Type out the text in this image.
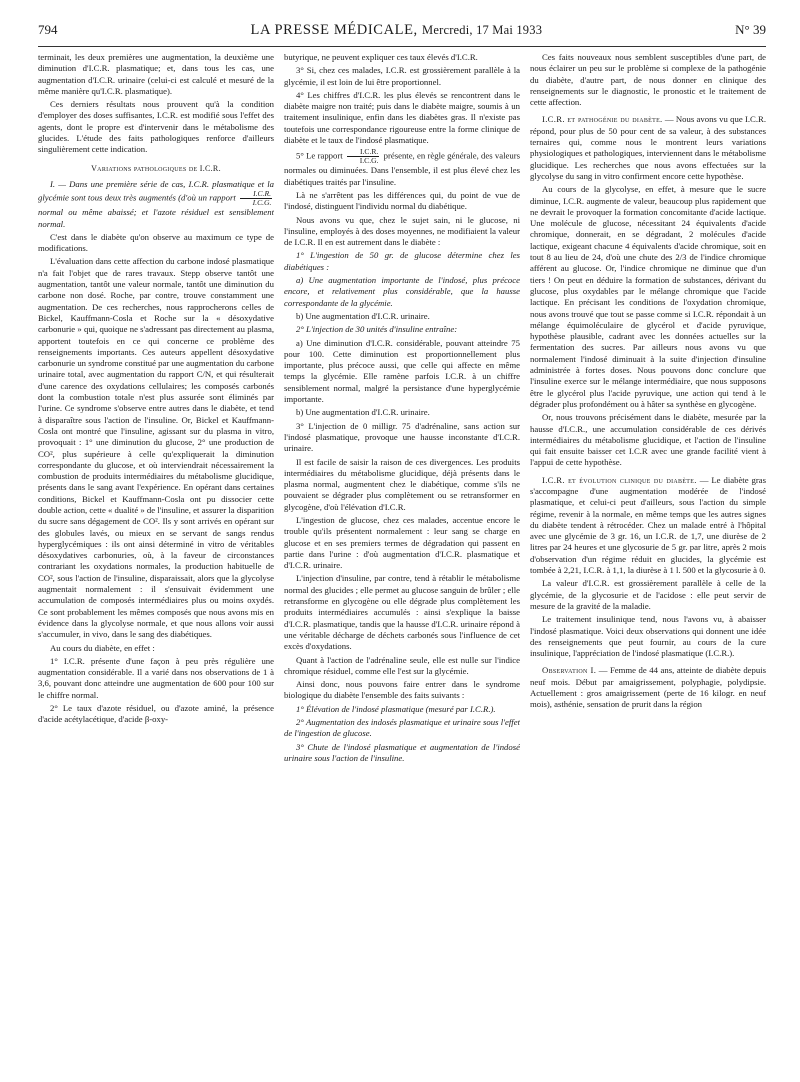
794	LA PRESSE MÉDICALE, Mercredi, 17 Mai 1933	N° 39

terminait, les deux premières une augmentation, la deuxième une diminution d'I.C.R. plasmatique; et, dans tous les cas, une augmentation d'I.C.R. urinaire (celui-ci est calculé et mesuré de la même manière qu'I.C.R. plasmatique).

Ces derniers résultats nous prouvent qu'à la condition d'employer des doses suffisantes, I.C.R. est modifié sous l'effet des agents, dont le propre est d'intervenir dans le métabolisme des glucides. L'étude des faits pathologiques renforce d'ailleurs singulièrement cette indication.

Variations pathologiques de I.C.R.

I. — Dans une première série de cas, I.C.R. plasmatique et la glycémie sont tous deux très augmentés (d'où un rapport $\frac{I.C.R.}{I.C.G.}$
normal ou même abaissé; et l'azote résiduel est sensiblement normal.

C'est dans le diabète qu'on observe au maximum ce type de modifications.

L'évaluation dans cette affection du carbone indosé plasmatique n'a fait l'objet que de rares travaux. Stepp observe tantôt une augmentation, tantôt une valeur normale, tantôt une diminution du carbone non dosé. Roche, par contre, trouve constamment une augmentation. De ces recherches, nous rapprocherons celles de Bickel, Kauffmann-Cosla et Roche sur la « désoxydative carbonurie » qui, quoique ne s'adressant pas directement au plasma, apportent toutefois en ce qui concerne ce problème des renseignements importants. Ces auteurs appellent désoxydative carbonurie un syndrome constitué par une augmentation du carbone urinaire total, avec augmentation du rapport C/N, et qui résulterait d'une carence des oxydations cellulaires; les composés carbonés dont la combustion totale n'est plus assurée sont éliminés par l'urine. Ce syndrome s'observe entre autres dans le diabète, et tend à disparaître sous l'action de l'insuline. Or, Bickel et Kauffmann-Cosla ont montré que l'insuline, agissant sur du plasma in vitro, provoquait : 1° une diminution du glucose, 2° une production de CO², plus supérieure à celle qu'expliquerait la diminution correspondante du glucose, et où interviendrait nécessairement la combustion de produits intermédiaires du métabolisme glucidique, présents dans le sang avant l'expérience. En opérant dans certaines conditions, Bickel et Kauffmann-Cosla ont pu dissocier cette double action, cette « dualité » de l'insuline, et assurer la disparition du sucre sans dégagement de CO². Ils y sont arrivés en opérant sur des globules lavés, ou mieux en se servant de sangs rendus hyperglycémiques : ils ont ainsi déterminé in vitro de véritables désoxydatives carbonuries, où, à la faveur de circonstances contrariant les oxydations normales, la production habituelle de CO², sous l'action de l'insuline, disparaissait, alors que la glycolyse augmentait normalement : il s'ensuivait évidemment une accumulation de composés intermédiaires plus ou moins oxydés. Ce sont probablement les mêmes composés que nous avons mis en évidence dans la glycolyse normale, et que nous allons voir aussi s'accumuler, in vivo, dans le sang des diabétiques.

Au cours du diabète, en effet :

1° I.C.R. présente d'une façon à peu près régulière une augmentation considérable. Il a varié dans nos observations de 1 à 3,6, pouvant donc atteindre une augmentation de 600 pour 100 sur le chiffre normal.

2° Le taux d'azote résiduel, ou d'azote aminé, la présence d'acide acétylacétique, d'acide β-oxy-

butyrique, ne peuvent expliquer ces taux élevés d'I.C.R.

3° Si, chez ces malades, I.C.R. est grossièrement parallèle à la glycémie, il est loin de lui être proportionnel.

4° Les chiffres d'I.C.R. les plus élevés se rencontrent dans le diabète maigre non traité; puis dans le diabète maigre, soumis à un traitement insulinique, enfin dans les diabètes gras. Il n'existe pas toutefois une correspondance rigoureuse entre la forme clinique de diabète et le taux de l'indosé plasmatique.

5° Le rapport $\frac{I.C.R.}{I.C.G.}$ présente, en règle générale, des valeurs normales ou diminuées. Dans l'ensemble, il est plus élevé chez les diabétiques traités par l'insuline.

Là ne s'arrêtent pas les différences qui, du point de vue de l'indosé, distinguent l'individu normal du diabétique.

Nous avons vu que, chez le sujet sain, ni le glucose, ni l'insuline, employés à des doses moyennes, ne modifiaient la valeur de I.C.R. Il en est autrement dans le diabète :

1° L'ingestion de 50 gr. de glucose détermine chez les diabétiques :

a) Une augmentation importante de l'indosé, plus précoce encore, et relativement plus considérable, que la hausse correspondante de la glycémie.

b) Une augmentation d'I.C.R. urinaire.

2° L'injection de 30 unités d'insuline entraîne:

a) Une diminution d'I.C.R. considérable, pouvant atteindre 75 pour 100. Cette diminution est proportionnellement plus importante, plus précoce aussi, que celle qui affecte en même temps la glycémie. Elle ramène parfois I.C.R. à un chiffre sensiblement normal, malgré la persistance d'une hyperglycémie importante.

b) Une augmentation d'I.C.R. urinaire.

3° L'injection de 0 milligr. 75 d'adrénaline, sans action sur l'indosé plasmatique, provoque une hausse inconstante d'I.C.R. urinaire.

Il est facile de saisir la raison de ces divergences. Les produits intermédiaires du métabolisme glucidique, déjà présents dans le plasma normal, augmentent chez le diabétique, comme s'ils ne pouvaient se dégrader plus complètement ou se retransformer en glycogène, d'où l'élévation d'I.C.R.

L'ingestion de glucose, chez ces malades, accentue encore le trouble qu'ils présentent normalement : leur sang se charge en glucose et en ses premiers termes de dégradation qui passent en partie dans l'urine : d'où augmentation d'I.C.R. plasmatique et d'I.C.R. urinaire.

L'injection d'insuline, par contre, tend à rétablir le métabolisme normal des glucides ; elle permet au glucose sanguin de brûler ; elle retransforme en glycogène ou elle dégrade plus complètement les produits intermédiaires accumulés : ainsi s'explique la baisse d'I.C.R. plasmatique, tandis que la hausse d'I.C.R. urinaire répond à une véritable décharge de déchets carbonés sous l'influence de cet excès d'oxydations.

Quant à l'action de l'adrénaline seule, elle est nulle sur l'indice chromique résiduel, comme elle l'est sur la glycémie.

Ainsi donc, nous pouvons faire entrer dans le syndrome biologique du diabète l'ensemble des faits suivants :

1° Élévation de l'indosé plasmatique (mesuré par I.C.R.).

2° Augmentation des indosés plasmatique et urinaire sous l'effet de l'ingestion de glucose.

3° Chute de l'indosé plasmatique et augmentation de l'indosé urinaire sous l'action de l'insuline.

Ces faits nouveaux nous semblent susceptibles d'une part, de nous éclairer un peu sur le problème si complexe de la pathogénie du diabète, d'autre part, de nous donner en clinique des renseignements sur le diagnostic, le pronostic et le traitement de cette affection.

I.C.R. et pathogénie du diabète. — Nous avons vu que I.C.R. répond, pour plus de 50 pour cent de sa valeur, à des substances ternaires qui, comme nous le montrent leurs variations physiologiques et pathologiques, interviennent dans le métabolisme glucidique. Les recherches que nous avons effectuées sur la glycolyse du sang in vitro confirment encore cette hypothèse.

Au cours de la glycolyse, en effet, à mesure que le sucre diminue, I.C.R. augmente de valeur, beaucoup plus rapidement que ne devrait le provoquer la formation concomitante d'acide lactique. Une molécule de glucose, nécessitant 24 équivalents d'acide chromique, donnerait, en se dégradant, 2 molécules d'acide lactique, exigeant chacune 4 équivalents d'acide chromique, soit en tout 8 au lieu de 24, d'où une chute des 2/3 de l'indice chromique afférent au glucose. Or, l'indice chromique ne diminue que d'un tiers ! On peut en déduire la formation de substances, dérivant du glucose, plus oxydables par le mélange chromique que l'acide lactique. En précisant les conditions de l'oxydation chromique, nous avons trouvé que tout se passe comme si I.C.R. répondait à un mélange équimoléculaire de glycérol et d'acide pyruvique, hypothèse plausible, cadrant avec les données actuelles sur la fermentation des sucres. Par ailleurs nous avons vu que normalement l'indosé diminuait à la suite d'injection d'insuline administrée à fortes doses. Nous pouvons donc conclure que l'insuline exerce sur le mélange intermédiaire, que nous supposons être le glycérol plus l'acide pyruvique, une action qui tend à le dégrader plus profondément ou à hâter sa synthèse en glycogène.

Or, nous trouvons précisément dans le diabète, mesurée par la hausse d'I.C.R., une accumulation considérable de ces dérivés intermédiaires du métabolisme glucidique, et l'action de l'insuline qui fait ensuite baisser cet I.C.R avec une grande facilité vient à l'appui de cette hypothèse.

I.C.R. et évolution clinique du diabète. — Le diabète gras s'accompagne d'une augmentation modérée de l'indosé plasmatique, et celui-ci peut d'ailleurs, sous l'action du simple régime, revenir à la normale, en même temps que les autres signes du diabète tendent à rétrocéder. Chez un malade entré à l'hôpital avec une glycémie de 3 gr. 16, un I.C.R. de 1,7, une diurèse de 2 litres par 24 heures et une glycosurie de 5 gr. par litre, après 2 mois d'observation d'un régime réduit en glucides, la glycémie est tombée à 2,21, I.C.R. à 1,1, la diurèse à 1 l. 500 et la glycosurie à 0.

La valeur d'I.C.R. est grossièrement parallèle à celle de la glycémie, de la glycosurie et de l'acidose : elle peut servir de mesure de la gravité de la maladie.

Le traitement insulinique tend, nous l'avons vu, à abaisser l'indosé plasmatique. Voici deux observations qui donnent une idée des renseignements que peut fournir, au cours de la cure insulinique, l'appréciation de l'indosé plasmatique (I.C.R.).

Observation I. — Femme de 44 ans, atteinte de diabète depuis neuf mois. Début par amaigrissement, polyphagie, polydipsie. Actuellement : gros amaigrissement (perte de 16 kilogr. en neuf mois), asthénie, sensation de prurit dans la région
